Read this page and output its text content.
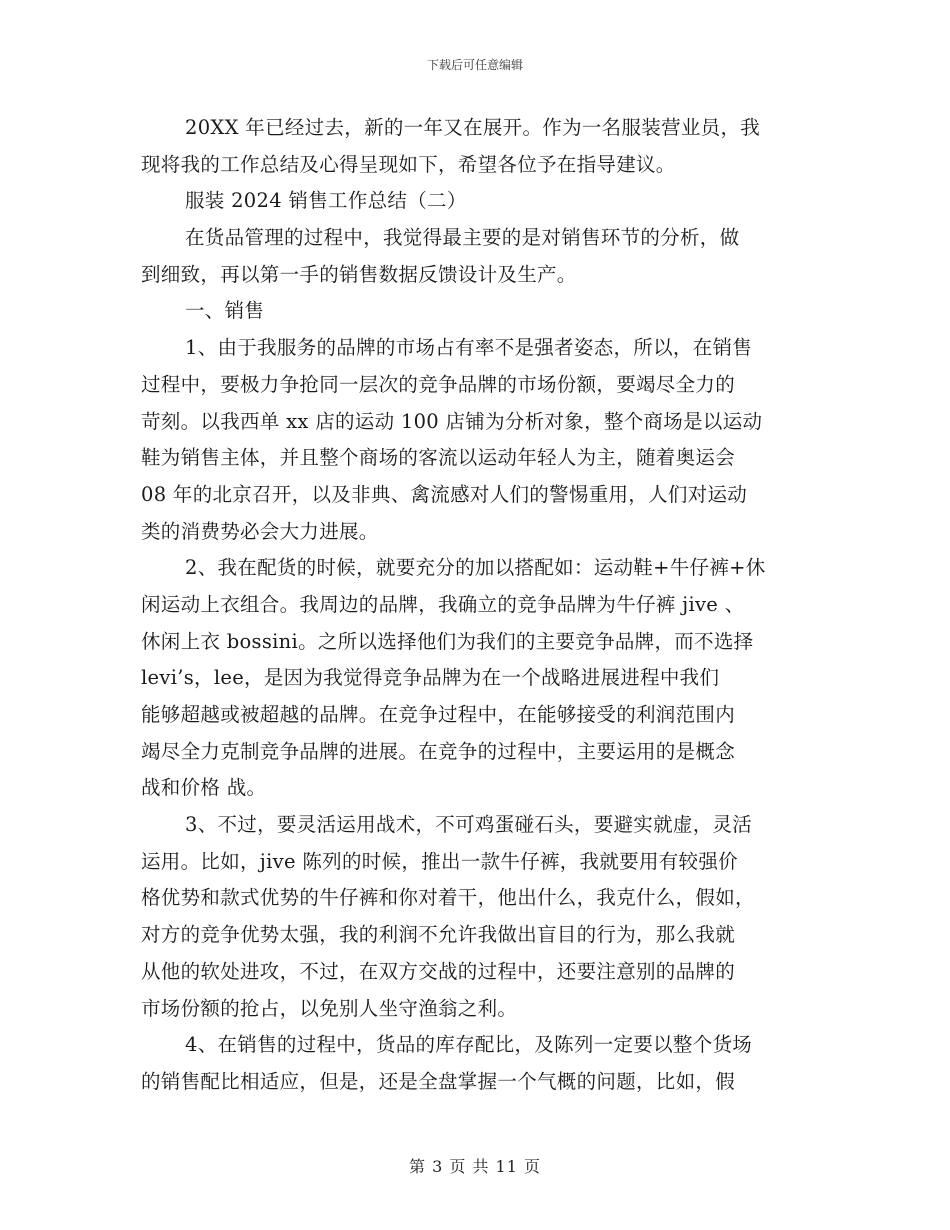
下载后可任意编辑
20XX 年已经过去，新的一年又在展开。作为一名服装营业员，我
现将我的工作总结及心得呈现如下，希望各位予在指导建议。
服装 2024 销售工作总结（二）
在货品管理的过程中，我觉得最主要的是对销售环节的分析，做
到细致，再以第一手的销售数据反馈设计及生产。
一、销售
1、由于我服务的品牌的市场占有率不是强者姿态，所以，在销售
过程中，要极力争抢同一层次的竞争品牌的市场份额，要竭尽全力的
苛刻。以我西单 xx 店的运动 100 店铺为分析对象，整个商场是以运动
鞋为销售主体，并且整个商场的客流以运动年轻人为主，随着奥运会
08 年的北京召开，以及非典、禽流感对人们的警惕重用，人们对运动
类的消费势必会大力进展。
2、我在配货的时候，就要充分的加以搭配如：运动鞋+牛仔裤+休
闲运动上衣组合。我周边的品牌，我确立的竞争品牌为牛仔裤 jive 、
休闲上衣 bossini。之所以选择他们为我们的主要竞争品牌，而不选择
levi’s，lee，是因为我觉得竞争品牌为在一个战略进展进程中我们
能够超越或被超越的品牌。在竞争过程中，在能够接受的利润范围内
竭尽全力克制竞争品牌的进展。在竞争的过程中，主要运用的是概念
战和价格 战。
3、不过，要灵活运用战术，不可鸡蛋碰石头，要避实就虚，灵活
运用。比如，jive 陈列的时候，推出一款牛仔裤，我就要用有较强价
格优势和款式优势的牛仔裤和你对着干，他出什么，我克什么，假如，
对方的竞争优势太强，我的利润不允许我做出盲目的行为，那么我就
从他的软处进攻，不过，在双方交战的过程中，还要注意别的品牌的
市场份额的抢占，以免别人坐守渔翁之利。
4、在销售的过程中，货品的库存配比，及陈列一定要以整个货场
的销售配比相适应，但是，还是全盘掌握一个气概的问题，比如，假
第 3 页 共 11 页
